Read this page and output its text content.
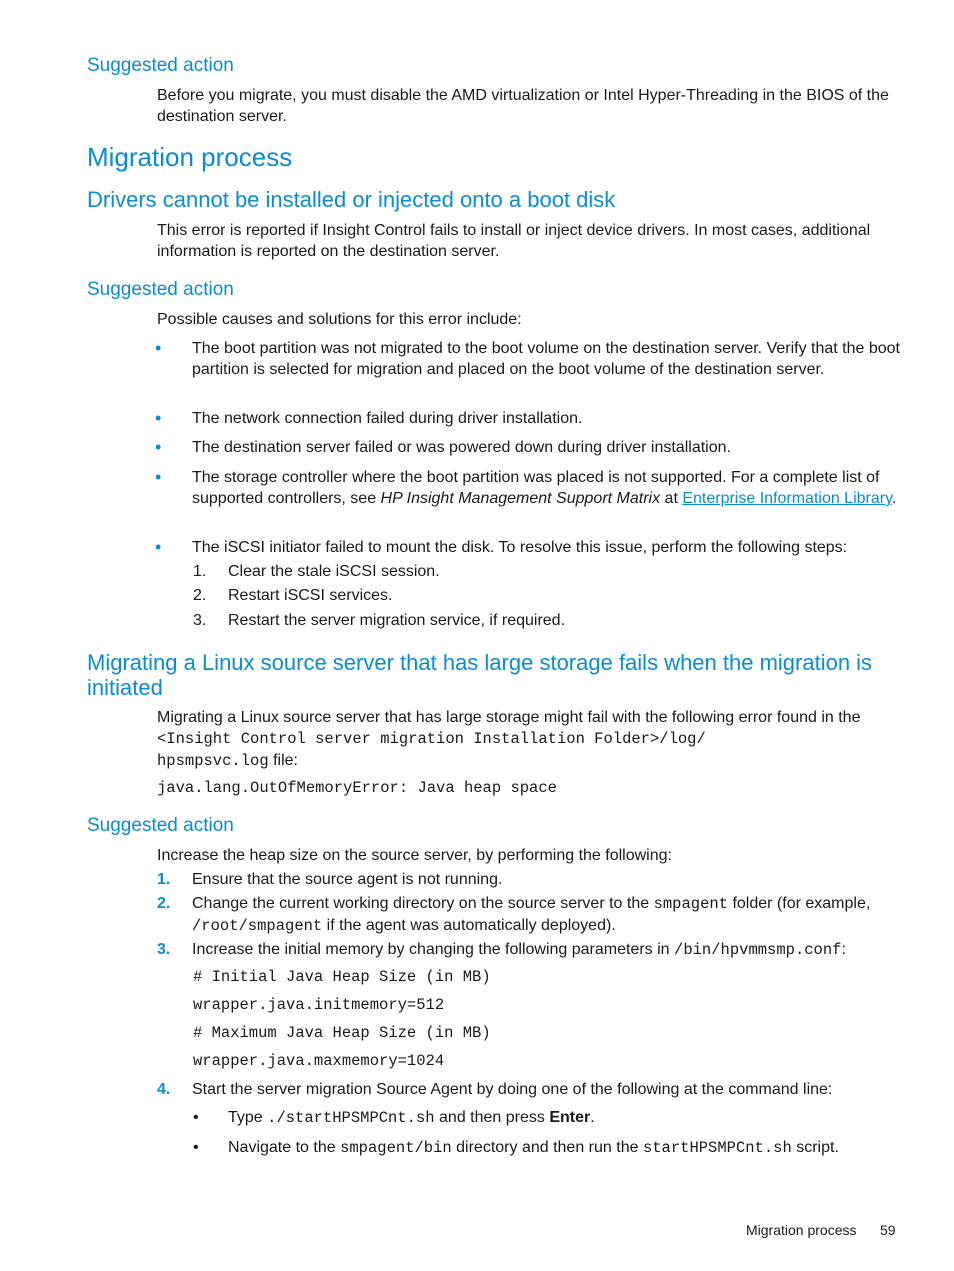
Suggested action
Before you migrate, you must disable the AMD virtualization or Intel Hyper-Threading in the BIOS of the destination server.
Migration process
Drivers cannot be installed or injected onto a boot disk
This error is reported if Insight Control fails to install or inject device drivers. In most cases, additional information is reported on the destination server.
Suggested action
Possible causes and solutions for this error include:
• The boot partition was not migrated to the boot volume on the destination server. Verify that the boot partition is selected for migration and placed on the boot volume of the destination server.
• The network connection failed during driver installation.
• The destination server failed or was powered down during driver installation.
• The storage controller where the boot partition was placed is not supported. For a complete list of supported controllers, see HP Insight Management Support Matrix at Enterprise Information Library.
• The iSCSI initiator failed to mount the disk. To resolve this issue, perform the following steps:
1. Clear the stale iSCSI session.
2. Restart iSCSI services.
3. Restart the server migration service, if required.
Migrating a Linux source server that has large storage fails when the migration is initiated
Migrating a Linux source server that has large storage might fail with the following error found in the <Insight Control server migration Installation Folder>/log/
hpsmpsvc.log file:
java.lang.OutOfMemoryError: Java heap space
Suggested action
Increase the heap size on the source server, by performing the following:
1. Ensure that the source agent is not running.
2. Change the current working directory on the source server to the smpagent folder (for example, /root/smpagent if the agent was automatically deployed).
3. Increase the initial memory by changing the following parameters in /bin/hpvmmsmp.conf:
# Initial Java Heap Size (in MB)
wrapper.java.initmemory=512
# Maximum Java Heap Size (in MB)
wrapper.java.maxmemory=1024
4. Start the server migration Source Agent by doing one of the following at the command line:
• Type ./startHPSMPCnt.sh and then press Enter.
• Navigate to the smpagent/bin directory and then run the startHPSMPCnt.sh script.
Migration process 59
